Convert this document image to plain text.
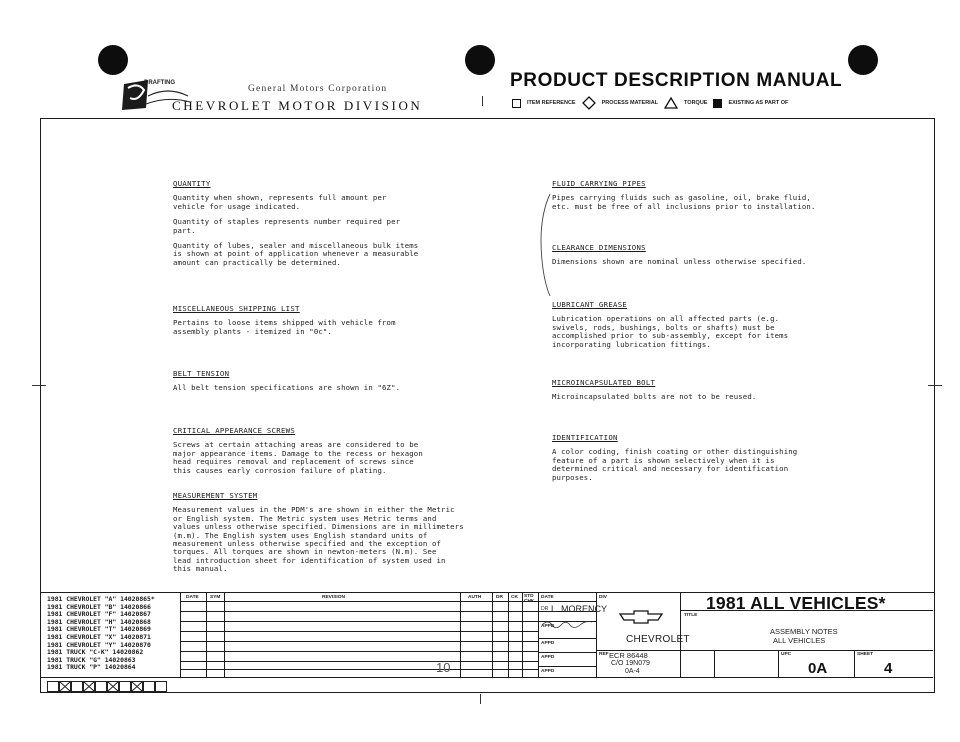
DRAFTING
General Motors Corporation
CHEVROLET MOTOR DIVISION
PRODUCT DESCRIPTION MANUAL
ITEM REFERENCE	PROCESS MATERIAL	TORQUE	EXISTING AS PART OF
QUANTITY

Quantity when shown, represents full amount per
vehicle for usage indicated.

Quantity of staples represents number required per
part.

Quantity of lubes, sealer and miscellaneous bulk items
is shown at point of application whenever a measurable
amount can practically be determined.

MISCELLANEOUS SHIPPING LIST

Pertains to loose items shipped with vehicle from
assembly plants - itemized in "0c".

BELT TENSION

All belt tension specifications are shown in "6Z".

CRITICAL APPEARANCE SCREWS

Screws at certain attaching areas are considered to be
major appearance items. Damage to the recess or hexagon
head requires removal and replacement of screws since
this causes early corrosion failure of plating.

MEASUREMENT SYSTEM

Measurement values in the PDM's are shown in either the Metric
or English system. The Metric system uses Metric terms and
values unless otherwise specified. Dimensions are in millimeters
(m.m). The English system uses English standard units of
measurement unless otherwise specified and the exception of
torques. All torques are shown in newton-meters (N.m). See
lead introduction sheet for identification of system used in
this manual.

FLUID CARRYING PIPES

Pipes carrying fluids such as gasoline, oil, brake fluid,
etc. must be free of all inclusions prior to installation.

CLEARANCE DIMENSIONS

Dimensions shown are nominal unless otherwise specified.

LUBRICANT GREASE

Lubrication operations on all affected parts (e.g.
swivels, rods, bushings, bolts or shafts) must be
accomplished prior to sub-assembly, except for items
incorporating lubrication fittings.

MICROINCAPSULATED BOLT

Microincapsulated bolts are not to be reused.

IDENTIFICATION

A color coding, finish coating or other distinguishing
feature of a part is shown selectively when it is
determined critical and necessary for identification
purposes.

1981 CHEVROLET "A" 14020865*
1981 CHEVROLET "B" 14020866
1981 CHEVROLET "F" 14020867
1981 CHEVROLET "H" 14020868
1981 CHEVROLET "T" 14020869
1981 CHEVROLET "X" 14020871
1981 CHEVROLET "Y" 14020870
1981 TRUCK "C-K" 14020862
1981 TRUCK "G" 14020863
1981 TRUCK "P" 14020864
DATE SYM	REVISION	AUTH	DR CK STD CHK
DATE
DR L. MORENCY
APPD
APPD
APPD
APPD
DIV
CHEVROLET
1981 ALL VEHICLES*
TITLE
ASSEMBLY NOTES
ALL VEHICLES
REF ECR 86448
C/O 19N079
0A-4
UPC
0A
SHEET
4
10
